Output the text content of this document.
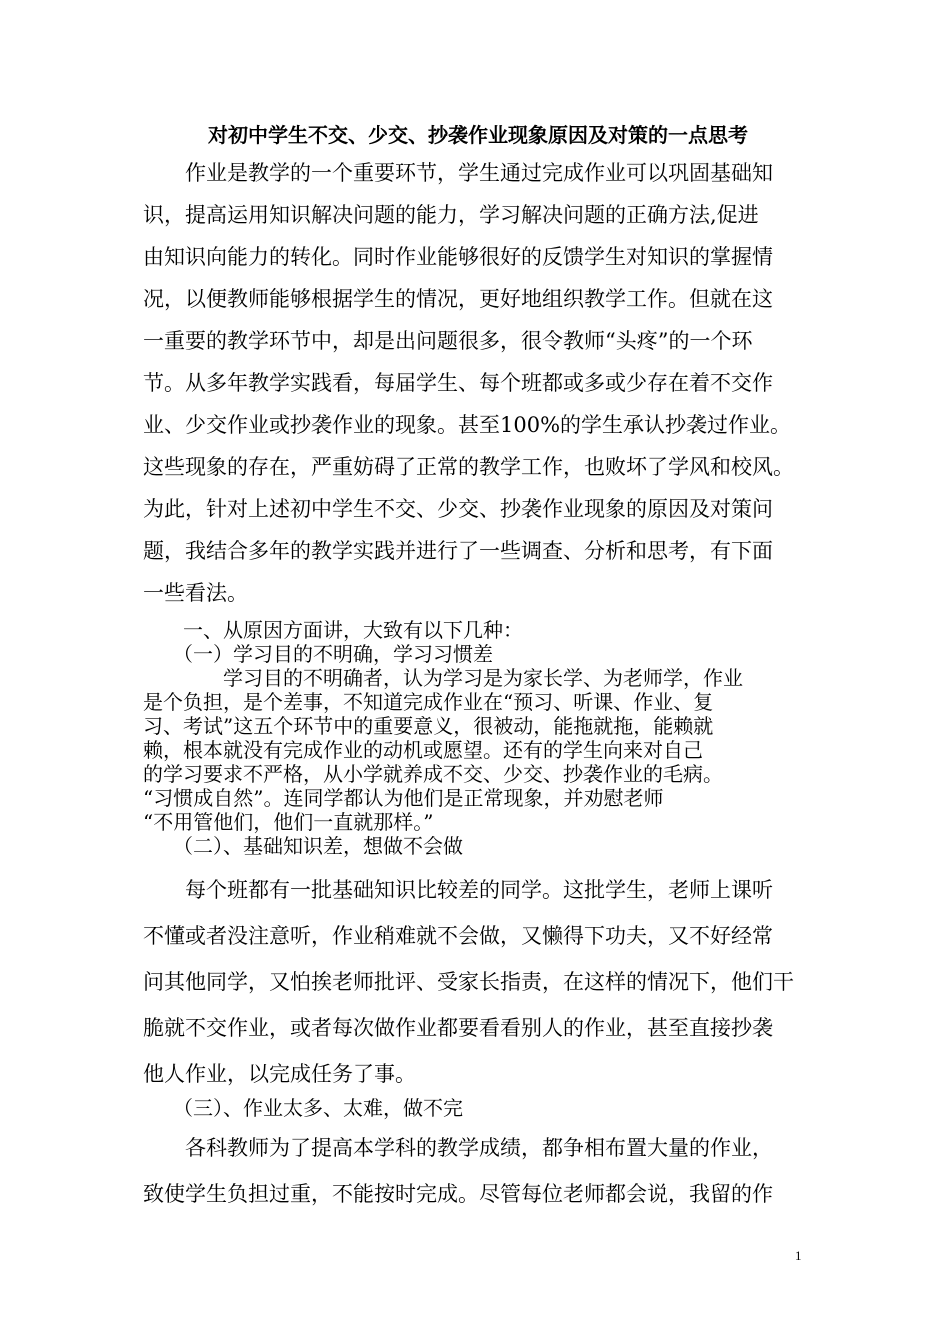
对初中学生不交、少交、抄袭作业现象原因及对策的一点思考
　　作业是教学的一个重要环节，学生通过完成作业可以巩固基础知
识，提高运用知识解决问题的能力，学习解决问题的正确方法,促进
由知识向能力的转化。同时作业能够很好的反馈学生对知识的掌握情
况，以便教师能够根据学生的情况，更好地组织教学工作。但就在这
一重要的教学环节中，却是出问题很多，很令教师“头疼”的一个环
节。从多年教学实践看，每届学生、每个班都或多或少存在着不交作
业、少交作业或抄袭作业的现象。甚至100%的学生承认抄袭过作业。
这些现象的存在，严重妨碍了正常的教学工作，也败坏了学风和校风。
为此，针对上述初中学生不交、少交、抄袭作业现象的原因及对策问
题，我结合多年的教学实践并进行了一些调查、分析和思考，有下面
一些看法。
　　一、从原因方面讲，大致有以下几种：
　　（一）学习目的不明确，学习习惯差
　　　　学习目的不明确者，认为学习是为家长学、为老师学，作业
是个负担，是个差事，不知道完成作业在“预习、听课、作业、复
习、考试”这五个环节中的重要意义，很被动，能拖就拖，能赖就
赖，根本就没有完成作业的动机或愿望。还有的学生向来对自己
的学习要求不严格，从小学就养成不交、少交、抄袭作业的毛病。
“习惯成自然”。连同学都认为他们是正常现象，并劝慰老师
“不用管他们，他们一直就那样。”
　　（二）、基础知识差，想做不会做
　　每个班都有一批基础知识比较差的同学。这批学生，老师上课听
不懂或者没注意听，作业稍难就不会做，又懒得下功夫，又不好经常
问其他同学，又怕挨老师批评、受家长指责，在这样的情况下，他们干
脆就不交作业，或者每次做作业都要看看别人的作业，甚至直接抄袭
他人作业，以完成任务了事。
　　（三）、作业太多、太难，做不完
　　各科教师为了提高本学科的教学成绩，都争相布置大量的作业，
致使学生负担过重，不能按时完成。尽管每位老师都会说，我留的作
1
